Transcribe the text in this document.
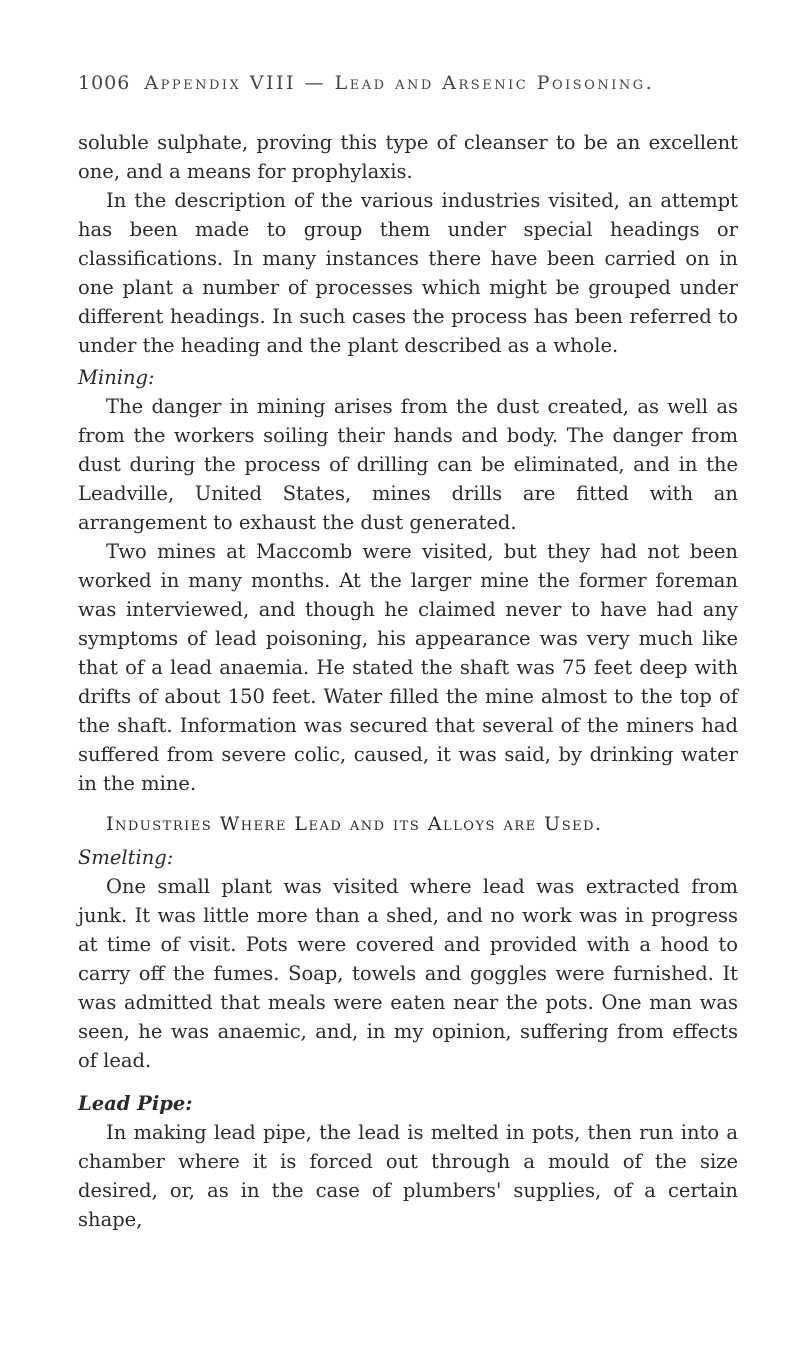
1006 Appendix VIII — Lead and Arsenic Poisoning.

soluble sulphate, proving this type of cleanser to be an excellent one, and a means for prophylaxis.

In the description of the various industries visited, an attempt has been made to group them under special headings or classifications. In many instances there have been carried on in one plant a number of processes which might be grouped under different headings. In such cases the process has been referred to under the heading and the plant described as a whole.

Mining:

The danger in mining arises from the dust created, as well as from the workers soiling their hands and body. The danger from dust during the process of drilling can be eliminated, and in the Leadville, United States, mines drills are fitted with an arrangement to exhaust the dust generated.

Two mines at Maccomb were visited, but they had not been worked in many months. At the larger mine the former foreman was interviewed, and though he claimed never to have had any symptoms of lead poisoning, his appearance was very much like that of a lead anaemia. He stated the shaft was 75 feet deep with drifts of about 150 feet. Water filled the mine almost to the top of the shaft. Information was secured that several of the miners had suffered from severe colic, caused, it was said, by drinking water in the mine.

Industries Where Lead and its Alloys are Used.
Smelting:

One small plant was visited where lead was extracted from junk. It was little more than a shed, and no work was in progress at time of visit. Pots were covered and provided with a hood to carry off the fumes. Soap, towels and goggles were furnished. It was admitted that meals were eaten near the pots. One man was seen, he was anaemic, and, in my opinion, suffering from effects of lead.

Lead Pipe:

In making lead pipe, the lead is melted in pots, then run into a chamber where it is forced out through a mould of the size desired, or, as in the case of plumbers' supplies, of a certain shape,
